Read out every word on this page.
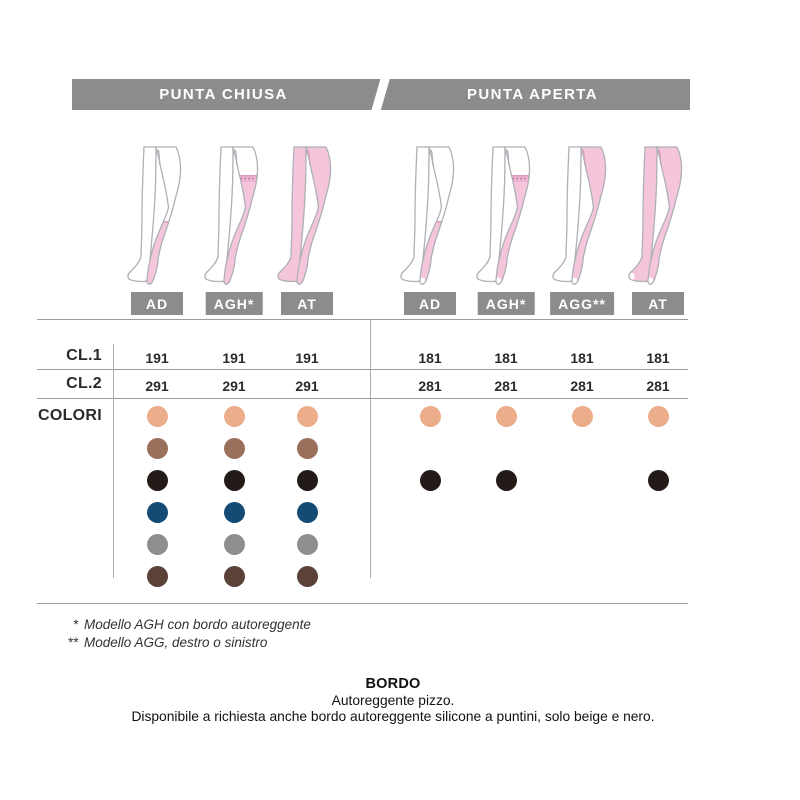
PUNTA CHIUSA	PUNTA APERTA
AD
191
291
AGH*
191
291
AT
191
291
AD
181
281
AGH*
181
281
AGG**
181
281
AT
181
281
CL.1
CL.2
COLORI
* Modello AGH con bordo autoreggente
** Modello AGG, destro o sinistro
BORDO
Autoreggente pizzo.
Disponibile a richiesta anche bordo autoreggente silicone a puntini, solo beige e nero.
